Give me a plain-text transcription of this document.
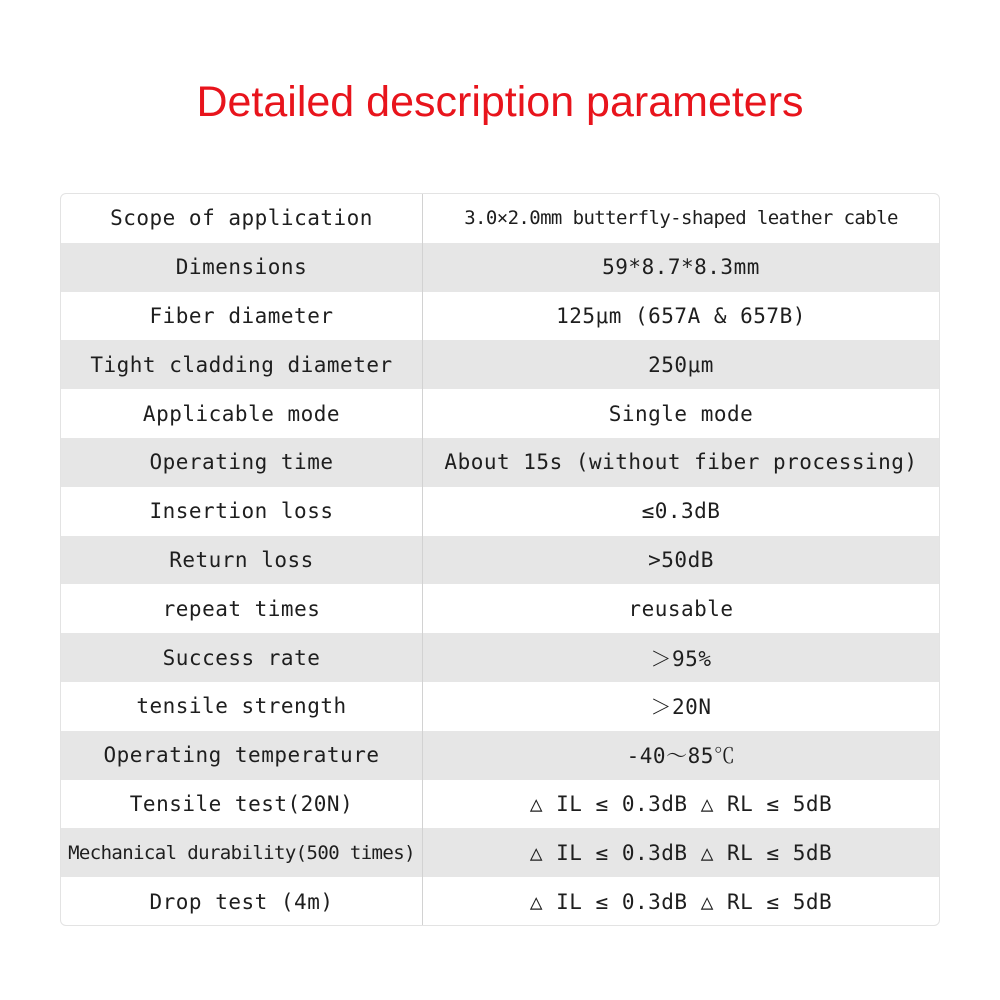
Detailed description parameters
Scope of application	3.0×2.0mm butterfly-shaped leather cable
Dimensions	59*8.7*8.3mm
Fiber diameter	125μm (657A & 657B)
Tight cladding diameter	250μm
Applicable mode	Single mode
Operating time	About 15s (without fiber processing)
Insertion loss	≤0.3dB
Return loss	>50dB
repeat times	reusable
Success rate	＞95%
tensile strength	＞20N
Operating temperature	-40～85℃
Tensile test(20N)	△ IL ≤ 0.3dB △ RL ≤ 5dB
Mechanical durability(500 times)	△ IL ≤ 0.3dB △ RL ≤ 5dB
Drop test (4m)	△ IL ≤ 0.3dB △ RL ≤ 5dB
